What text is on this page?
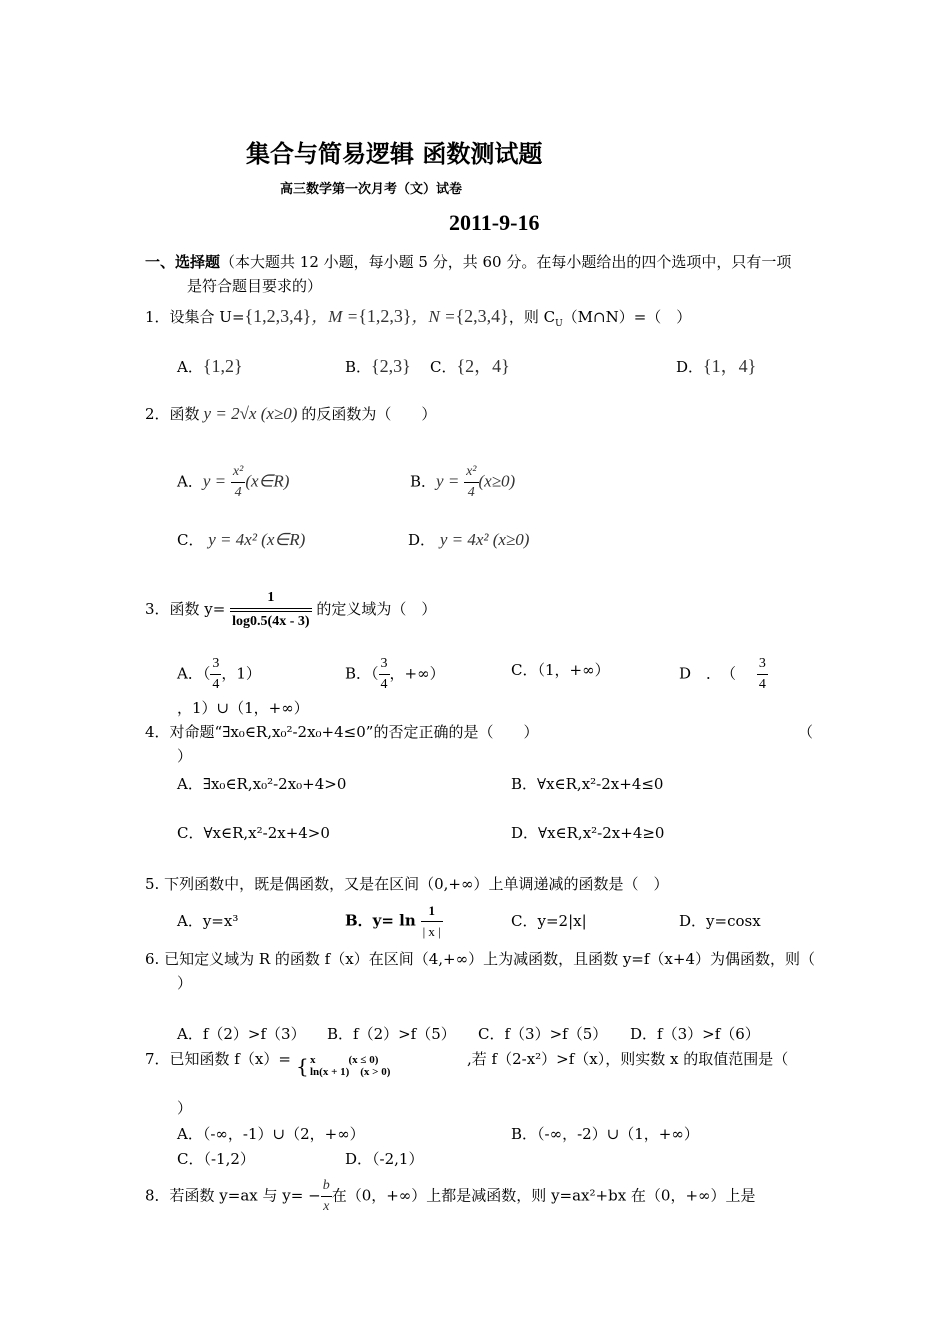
集合与简易逻辑 函数测试题
高三数学第一次月考（文）试卷
2011-9-16
一、选择题（本大题共 12 小题，每小题 5 分，共 60 分。在每小题给出的四个选项中，只有一项
是符合题目要求的）
1．设集合 U={1,2,3,4}，M ={1,2,3}，N ={2,3,4}，则 $C_U(M\cap N)=$（　）
A．{1,2}	B．{2,3} C．{2，4}	D．{1，4}
2．函数 y = 2√x (x≥0) 的反函数为（　　）
A．$y = \frac{\text{x²}}{4}$ (x∈R)	B．$y = \frac{\text{x²}}{4} (x\ge 0)$
C． y = 4x² (x∈R)	D． y = 4x² (x≥0)
3．函数 $y= \frac{1}{\log 0.5(4x - 3)}$ 的定义域为（　）
A．（ $\frac{3}{4}$ ，1）	B．（ $\frac{3}{4}$ ，+∞）	C．（1，+∞）	D　．　（ $\frac{3}{4}$
，1）∪（1，+∞）
4．对命题“∃x₀∈R,x₀²-2x₀+4≤0”的否定正确的是（　　）	（
）
A．∃x₀∈R,x₀²-2x₀+4>0	B．∀x∈R,x²-2x+4≤0
C．∀x∈R,x²-2x+4>0	D．∀x∈R,x²-2x+4≥0
5. 下列函数中，既是偶函数，又是在区间（0,+∞）上单调递减的函数是（　）
A．y=x³	B．$y= \ln \frac{1}{| x |}$	C．y=2|x|	D．y=cosx
6. 已知定义域为 R 的函数 f（x）在区间（4,+∞）上为减函数，且函数 y=f（x+4）为偶函数，则（
）
A．f（2）>f（3） B．f（2）>f（5） C．f（3）>f（5） D．f（3）>f（6）
7．已知函数 f（x）= { x　　　(x ≤ 0)
ln(x + 1)　(x > 0)
,若 f（2-x²）>f（x），则实数 x 的取值范围是（
）
A．（-∞，-1）∪（2，+∞）	B．（-∞，-2）∪（1，+∞）
C．（-1,2）	D．（-2,1）
8．若函数 y=ax 与 $y= - \frac{b}{x}$ 在（0，+∞）上都是减函数，则 y=ax²+bx 在（0，+∞）上是
